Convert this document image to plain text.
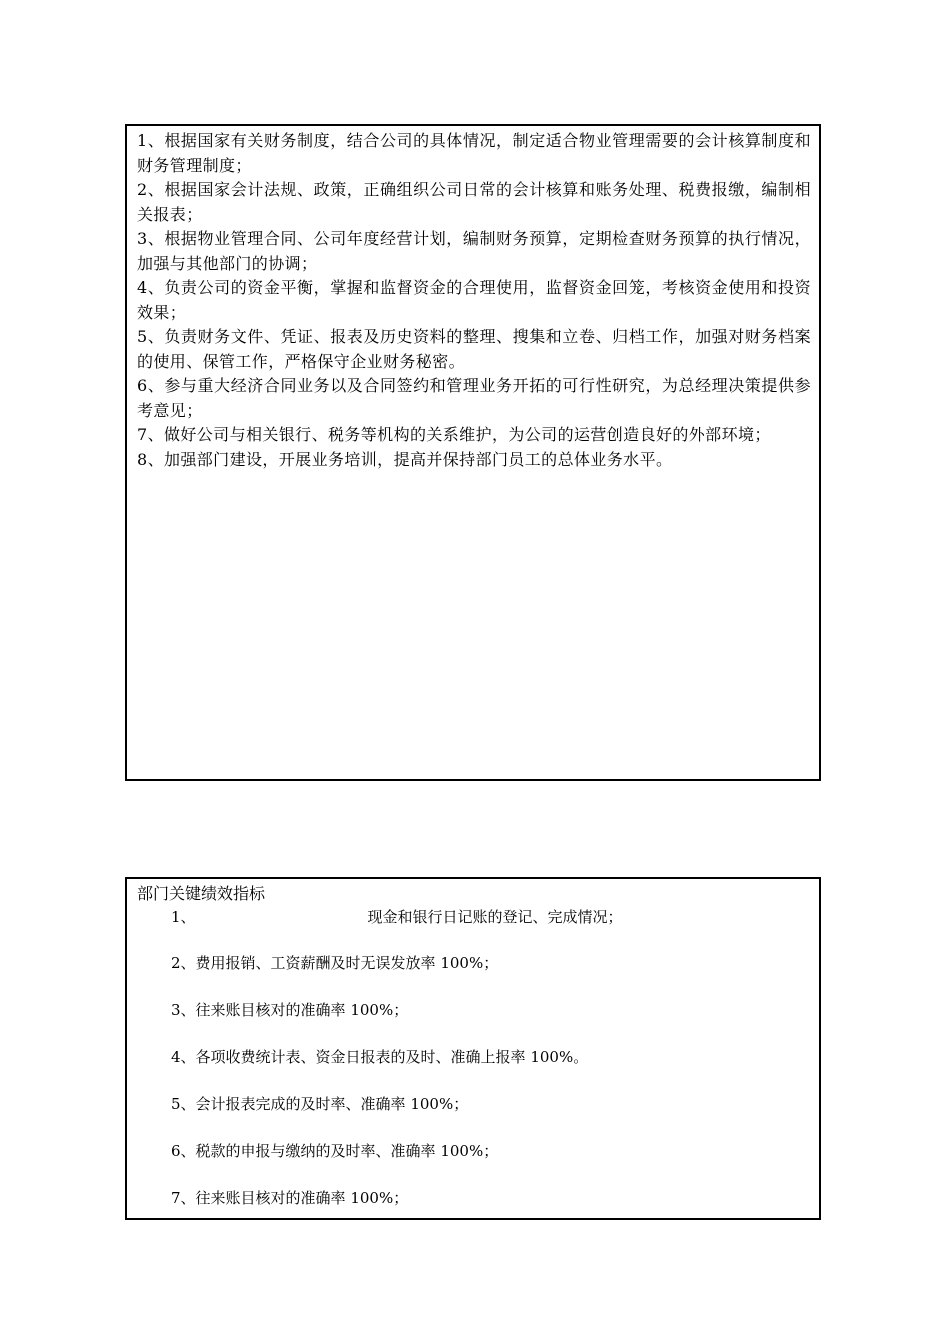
1、根据国家有关财务制度，结合公司的具体情况，制定适合物业管理需要的会计核算制度和财务管理制度；
2、根据国家会计法规、政策，正确组织公司日常的会计核算和账务处理、税费报缴，编制相关报表；
3、根据物业管理合同、公司年度经营计划，编制财务预算，定期检查财务预算的执行情况，加强与其他部门的协调；
4、负责公司的资金平衡，掌握和监督资金的合理使用，监督资金回笼，考核资金使用和投资效果；
5、负责财务文件、凭证、报表及历史资料的整理、搜集和立卷、归档工作，加强对财务档案的使用、保管工作，严格保守企业财务秘密。
6、参与重大经济合同业务以及合同签约和管理业务开拓的可行性研究，为总经理决策提供参考意见；
7、做好公司与相关银行、税务等机构的关系维护，为公司的运营创造良好的外部环境；
8、加强部门建设，开展业务培训，提高并保持部门员工的总体业务水平。
部门关键绩效指标
1、	现金和银行日记账的登记、完成情况；
2、费用报销、工资薪酬及时无误发放率 100%；
3、往来账目核对的准确率 100%；
4、各项收费统计表、资金日报表的及时、准确上报率 100%。
5、会计报表完成的及时率、准确率 100%；
6、税款的申报与缴纳的及时率、准确率 100%；
7、往来账目核对的准确率 100%；
